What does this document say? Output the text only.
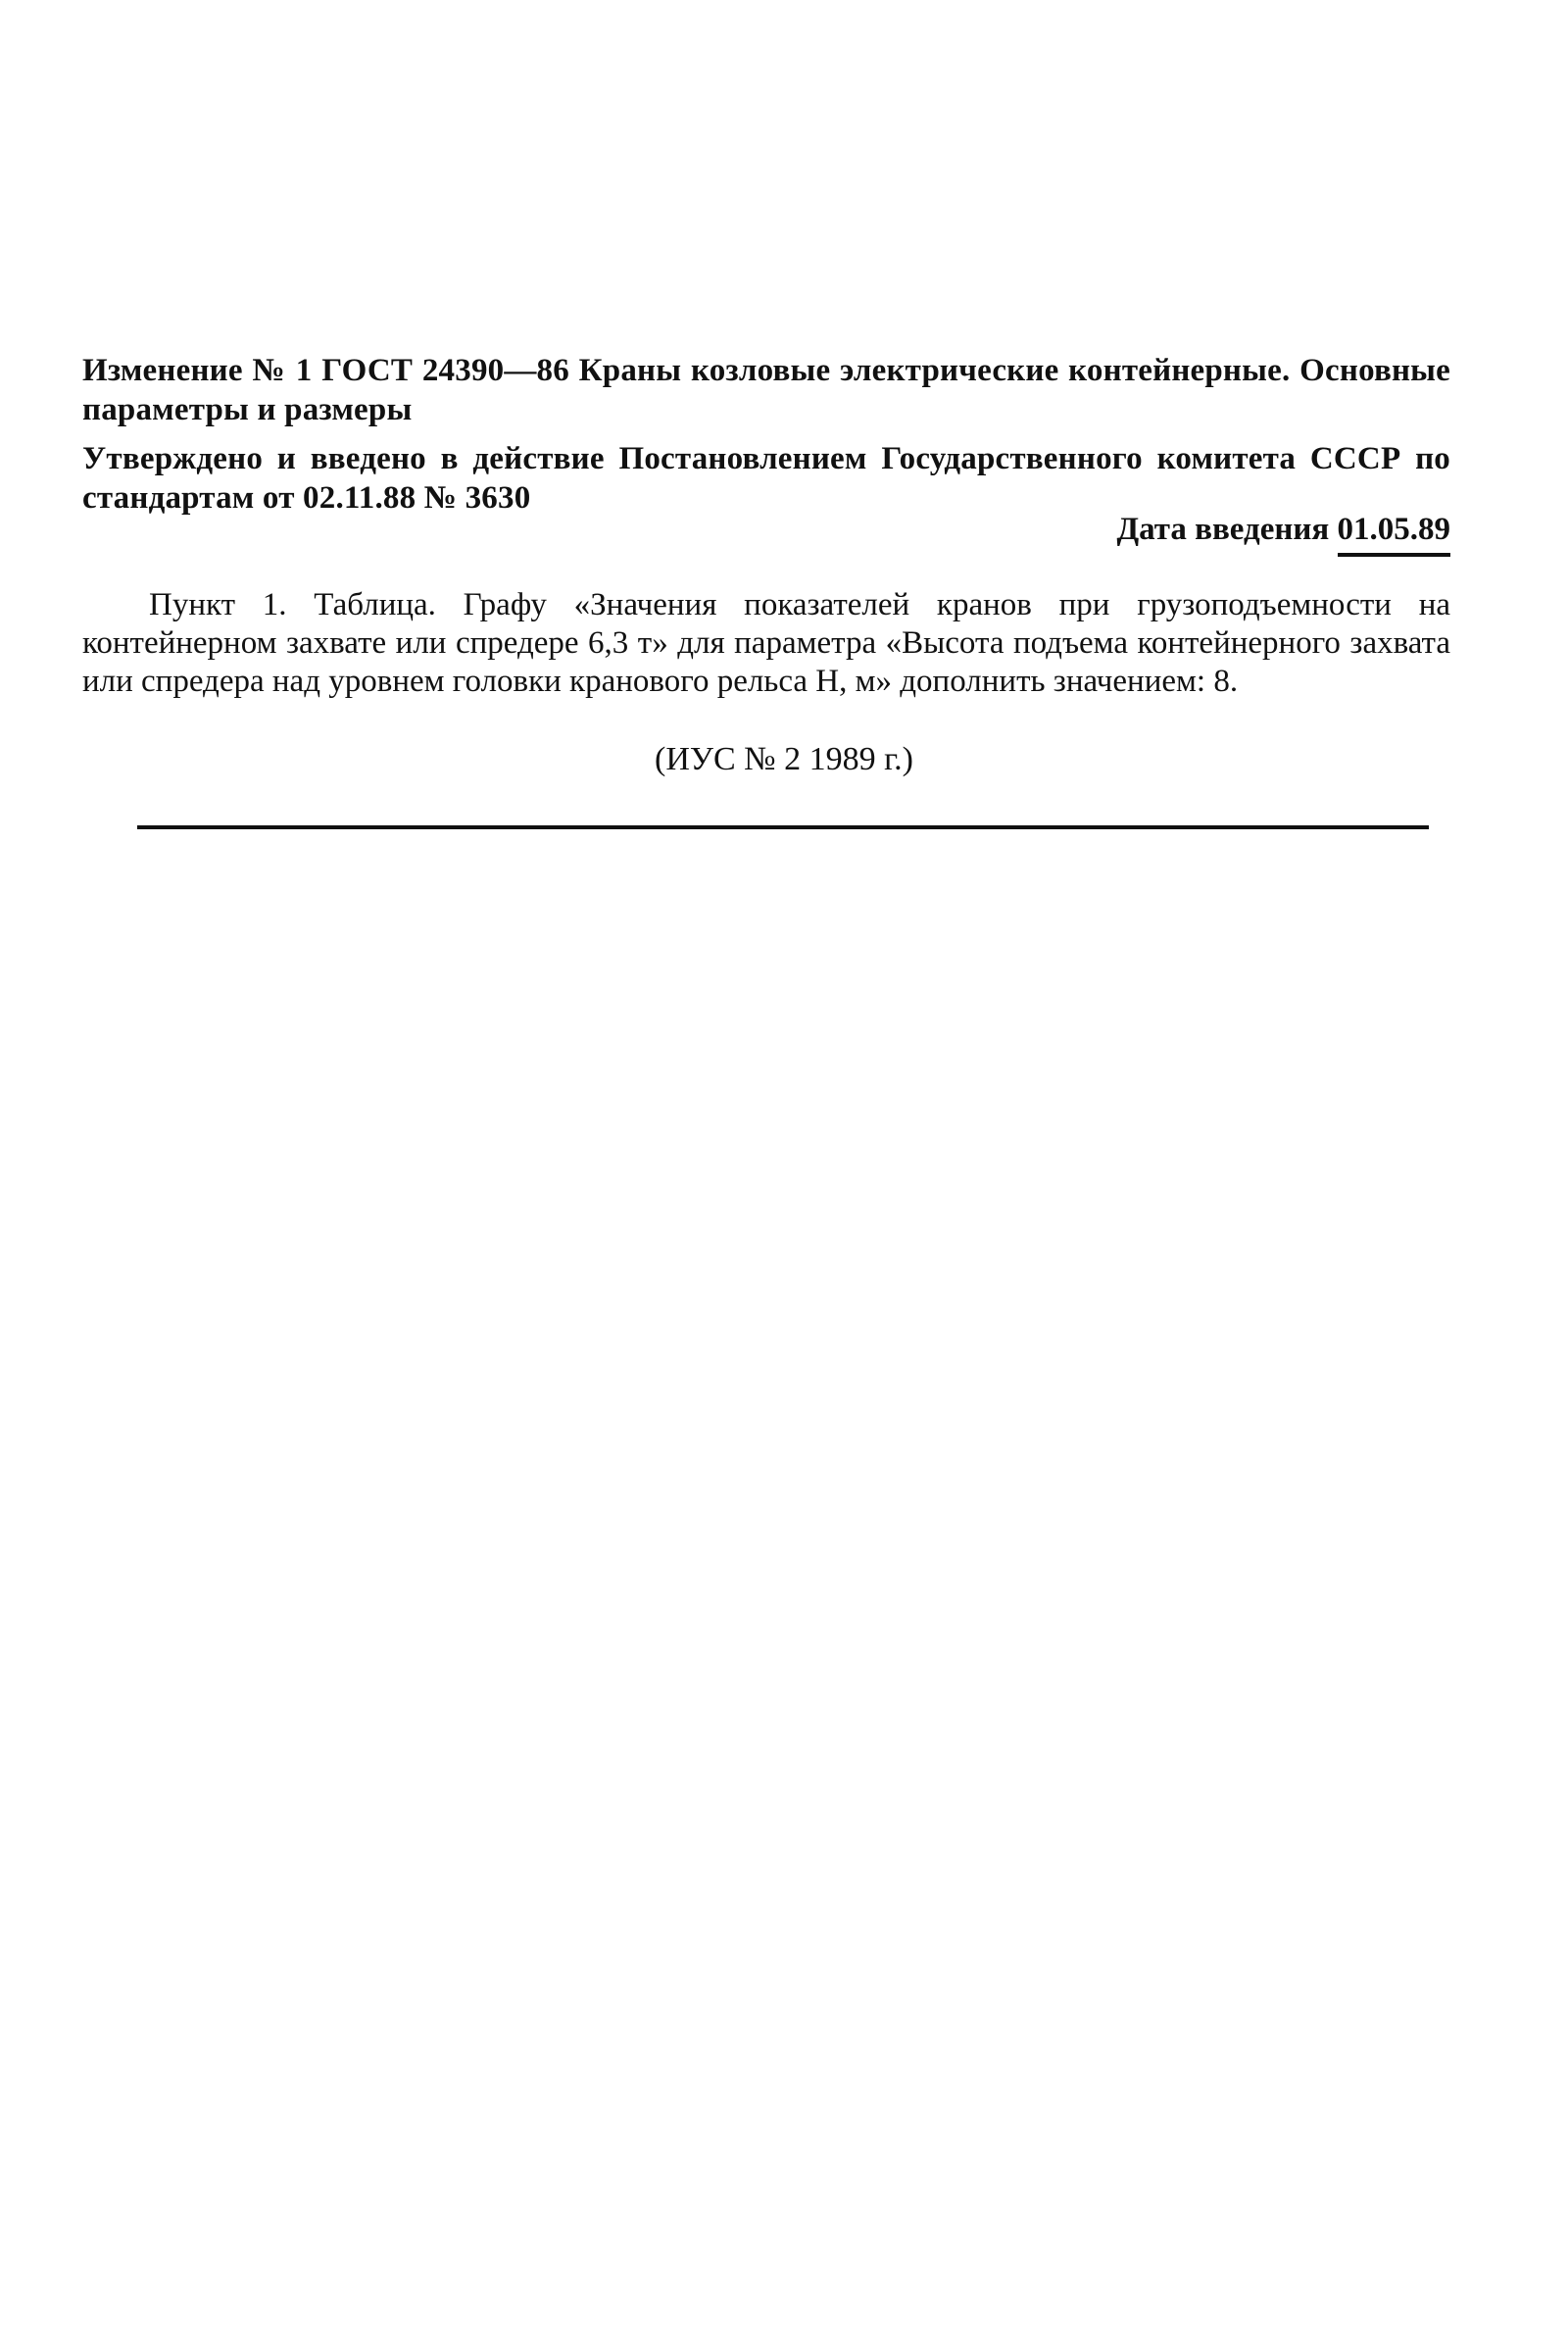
Изменение № 1 ГОСТ 24390—86 Краны козловые электрические контейнерные. Основные параметры и размеры
Утверждено и введено в действие Постановлением Государственного комитета СССР по стандартам от 02.11.88 № 3630
Дата введения 01.05.89
Пункт 1. Таблица. Графу «Значения показателей кранов при грузоподъемности на контейнерном захвате или спредере 6,3 т» для параметра «Высота подъема контейнерного захвата или спредера над уровнем головки кранового рельса Н, м» дополнить значением: 8.
(ИУС № 2 1989 г.)
